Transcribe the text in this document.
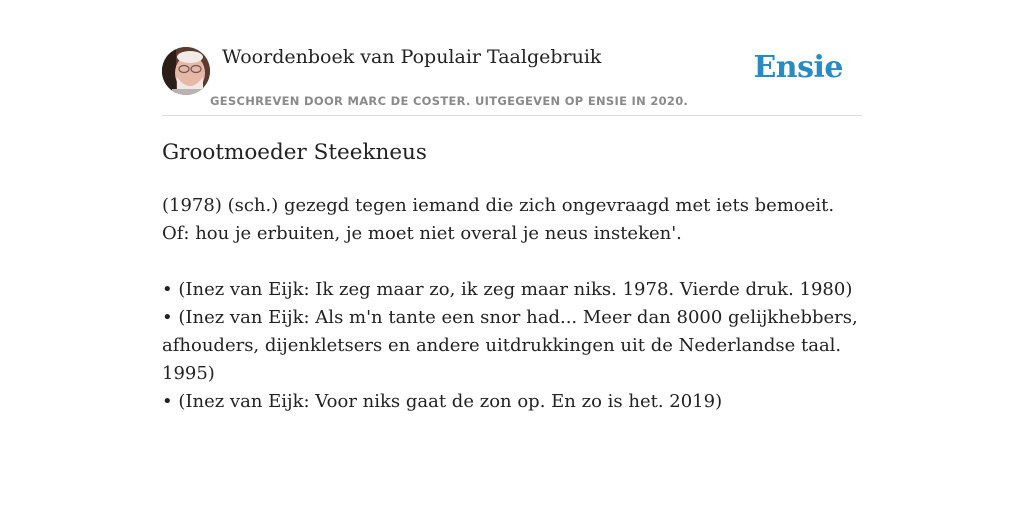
Woordenboek van Populair Taalgebruik
GESCHREVEN DOOR MARC DE COSTER. UITGEGEVEN OP ENSIE IN 2020.
Ensie
Grootmoeder Steekneus

(1978) (sch.) gezegd tegen iemand die zich ongevraagd met iets bemoeit. Of: hou je erbuiten, je moet niet overal je neus insteken'.

• (Inez van Eijk: Ik zeg maar zo, ik zeg maar niks. 1978. Vierde druk. 1980)

• (Inez van Eijk: Als m'n tante een snor had... Meer dan 8000 gelijkhebbers, afhouders, dijenkletsers en andere uitdrukkingen uit de Nederlandse taal. 1995)

• (Inez van Eijk: Voor niks gaat de zon op. En zo is het. 2019)
